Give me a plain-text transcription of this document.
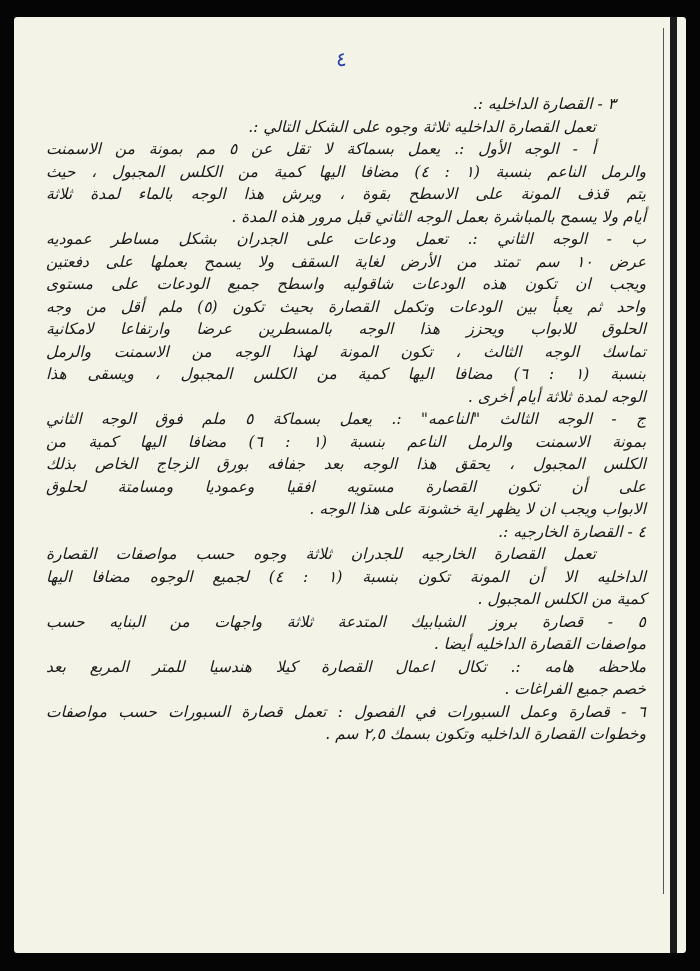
٤
٣ - القصارة الداخليه :.
تعمل القصارة الداخليه ثلاثة وجوه على الشكل التالي :.
أ - الوجه الأول :. يعمل بسماكة لا تقل عن ٥ مم بمونة من الاسمنت
والرمل الناعم بنسبة (١ : ٤) مضافا اليها كمية من الكلس المجبول ، حيث
يتم قذف المونة على الاسطح بقوة ، ويرش هذا الوجه بالماء لمدة ثلاثة
أيام ولا يسمح بالمباشرة بعمل الوجه الثاني قبل مرور هذه المدة .
ب - الوجه الثاني :. تعمل ودعات على الجدران بشكل مساطر عموديه
عرض ١٠ سم تمتد من الأرض لغاية السقف ولا يسمح بعملها على دفعتين
ويجب ان تكون هذه الودعات شاقوليه واسطح جميع الودعات على مستوى
واحد ثم يعبأ بين الودعات وتكمل القصارة بحيث تكون (٥) ملم أقل من وجه
الحلوق للابواب ويحزز هذا الوجه بالمسطرين عرضا وارتفاعا لامكانية
تماسك الوجه الثالث ، تكون المونة لهذا الوجه من الاسمنت والرمل
بنسبة (١ : ٦) مضافا اليها كمية من الكلس المجبول ، ويسقى هذا
الوجه لمدة ثلاثة أيام أخرى .
ج - الوجه الثالث "الناعمه" :. يعمل بسماكة ٥ ملم فوق الوجه الثاني
بمونة الاسمنت والرمل الناعم بنسبة (١ : ٦) مضافا اليها كمية من
الكلس المجبول ، يحقق هذا الوجه بعد جفافه بورق الزجاج الخاص بذلك
على أن تكون القصارة مستويه افقيا وعموديا ومسامتة لحلوق
الابواب ويجب ان لا يظهر اية خشونة على هذا الوجه .
٤ - القصارة الخارجيه :.
تعمل القصارة الخارجيه للجدران ثلاثة وجوه حسب مواصفات القصارة
الداخليه الا أن المونة تكون بنسبة (١ : ٤) لجميع الوجوه مضافا اليها
كمية من الكلس المجبول .
٥ - قصارة بروز الشبابيك المتدعة ثلاثة واجهات من البنايه حسب
مواصفات القصارة الداخليه أيضا .
ملاحظه هامه :. تكال اعمال القصارة كيلا هندسيا للمتر المربع بعد
خصم جميع الفراغات .
٦ - قصارة وعمل السبورات في الفصول : تعمل قصارة السبورات حسب مواصفات
وخطوات القصارة الداخليه وتكون بسمك ٢,٥ سم .
